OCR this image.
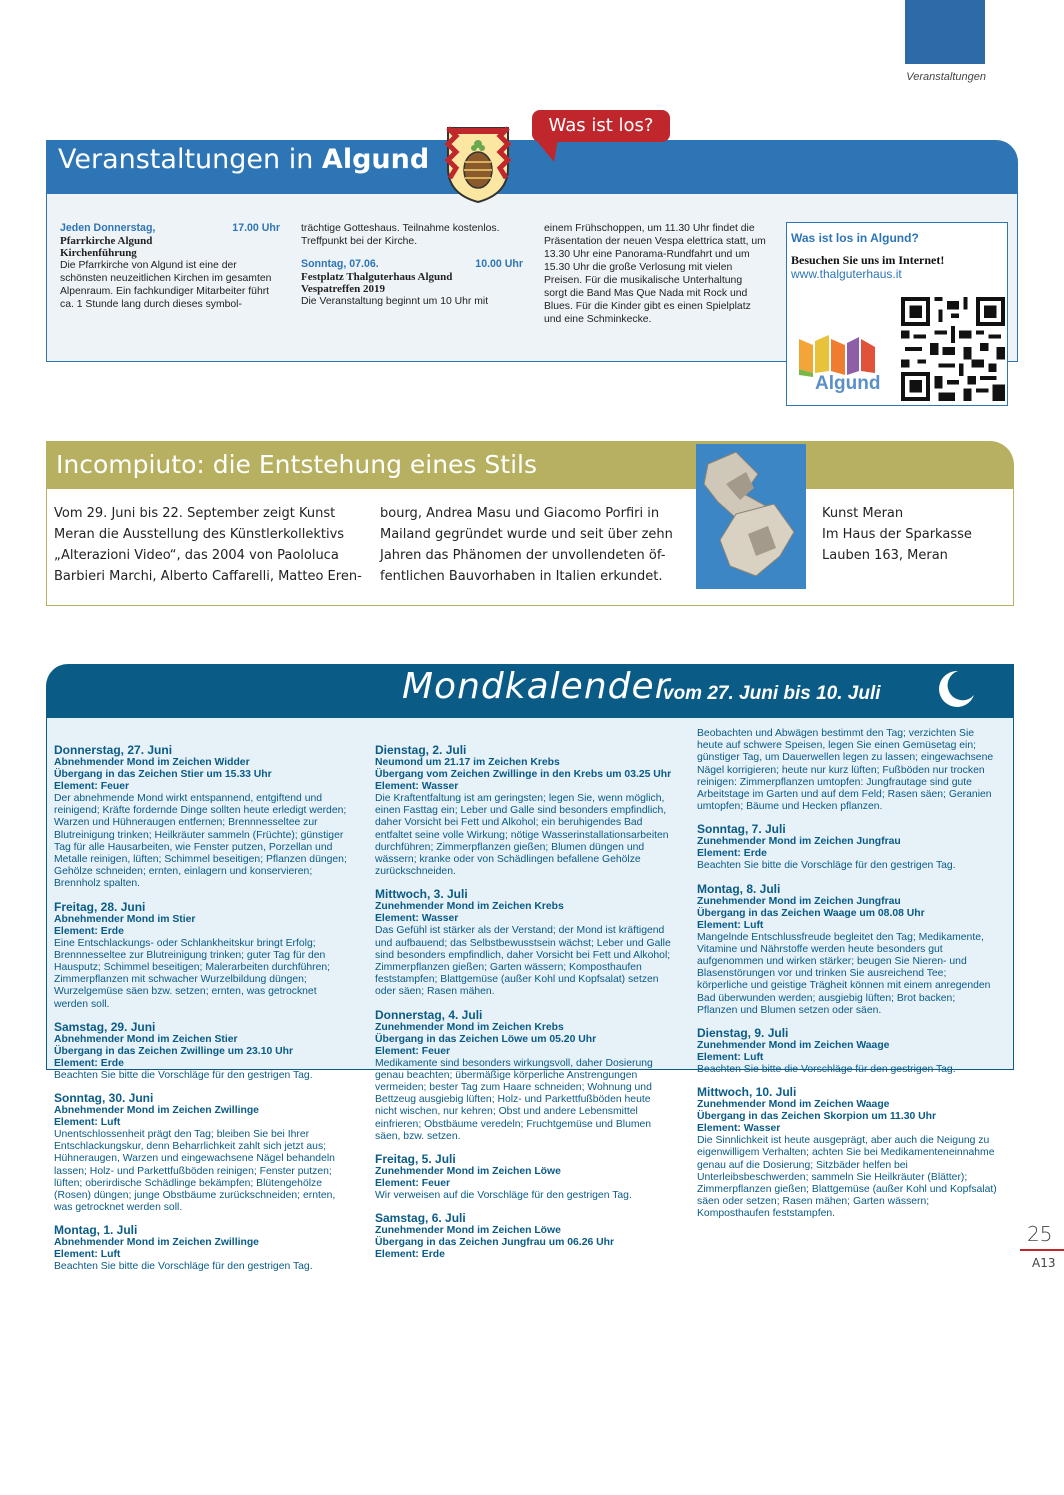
Veranstaltungen
Veranstaltungen in Algund
Was ist los?
Jeden Donnerstag,	17.00 Uhr
Pfarrkirche Algund
Kirchenführung
Die Pfarrkirche von Algund ist eine der schönsten neuzeitlichen Kirchen im gesamten Alpenraum. Ein fachkundiger Mitarbeiter führt ca. 1 Stunde lang durch dieses symbol-
trächtige Gotteshaus. Teilnahme kostenlos. Treffpunkt bei der Kirche.
Sonntag, 07.06.	10.00 Uhr
Festplatz Thalguterhaus Algund
Vespatreffen 2019
Die Veranstaltung beginnt um 10 Uhr mit
einem Frühschoppen, um 11.30 Uhr findet die Präsentation der neuen Vespa elettrica statt, um 13.30 Uhr eine Panorama-Rundfahrt und um 15.30 Uhr die große Verlosung mit vielen Preisen. Für die musikalische Unterhaltung sorgt die Band Mas Que Nada mit Rock und Blues. Für die Kinder gibt es einen Spielplatz und eine Schminkecke.
Was ist los in Algund?
Besuchen Sie uns im Internet!
www.thalguterhaus.it
Algund
Incompiuto: die Entstehung eines Stils
Vom 29. Juni bis 22. September zeigt Kunst Meran die Ausstellung des Künstlerkollektivs „Alterazioni Video“, das 2004 von Paololuca Barbieri Marchi, Alberto Caffarelli, Matteo Eren-
bourg, Andrea Masu und Giacomo Porfiri in Mailand gegründet wurde und seit über zehn Jahren das Phänomen der unvollendeten öf-fentlichen Bauvorhaben in Italien erkundet.
Kunst Meran
Im Haus der Sparkasse
Lauben 163, Meran
Mondkalender
vom 27. Juni bis 10. Juli
Donnerstag, 27. Juni
Abnehmender Mond im Zeichen Widder
Übergang in das Zeichen Stier um 15.33 Uhr
Element: Feuer
Der abnehmende Mond wirkt entspannend, entgiftend und reinigend; Kräfte fordernde Dinge sollten heute erledigt werden; Warzen und Hühneraugen entfernen; Brennnesseltee zur Blutreinigung trinken; Heilkräuter sammeln (Früchte); günstiger Tag für alle Hausarbeiten, wie Fenster putzen, Porzellan und Metalle reinigen, lüften; Schimmel beseitigen; Pflanzen düngen; Gehölze schneiden; ernten, einlagern und konservieren; Brennholz spalten.
Freitag, 28. Juni
Abnehmender Mond im Stier
Element: Erde
Eine Entschlackungs- oder Schlankheitskur bringt Erfolg; Brennnesseltee zur Blutreinigung trinken; guter Tag für den Hausputz; Schimmel beseitigen; Malerarbeiten durchführen; Zimmerpflanzen mit schwacher Wurzelbildung düngen; Wurzelgemüse säen bzw. setzen; ernten, was getrocknet werden soll.
Samstag, 29. Juni
Abnehmender Mond im Zeichen Stier
Übergang in das Zeichen Zwillinge um 23.10 Uhr
Element: Erde
Beachten Sie bitte die Vorschläge für den gestrigen Tag.
Sonntag, 30. Juni
Abnehmender Mond im Zeichen Zwillinge
Element: Luft
Unentschlossenheit prägt den Tag; bleiben Sie bei Ihrer Entschlackungskur, denn Beharrlichkeit zahlt sich jetzt aus; Hühneraugen, Warzen und eingewachsene Nägel behandeln lassen; Holz- und Parkettfußböden reinigen; Fenster putzen; lüften; oberirdische Schädlinge bekämpfen; Blütengehölze (Rosen) düngen; junge Obstbäume zurückschneiden; ernten, was getrocknet werden soll.
Montag, 1. Juli
Abnehmender Mond im Zeichen Zwillinge
Element: Luft
Beachten Sie bitte die Vorschläge für den gestrigen Tag.
Dienstag, 2. Juli
Neumond um 21.17 im Zeichen Krebs
Übergang vom Zeichen Zwillinge in den Krebs um 03.25 Uhr
Element: Wasser
Die Kraftentfaltung ist am geringsten; legen Sie, wenn möglich, einen Fasttag ein; Leber und Galle sind besonders empfindlich, daher Vorsicht bei Fett und Alkohol; ein beruhigendes Bad entfaltet seine volle Wirkung; nötige Wasserinstallationsarbeiten durchführen; Zimmerpflanzen gießen; Blumen düngen und wässern; kranke oder von Schädlingen befallene Gehölze zurückschneiden.
Mittwoch, 3. Juli
Zunehmender Mond im Zeichen Krebs
Element: Wasser
Das Gefühl ist stärker als der Verstand; der Mond ist kräftigend und aufbauend; das Selbstbewusstsein wächst; Leber und Galle sind besonders empfindlich, daher Vorsicht bei Fett und Alkohol; Zimmerpflanzen gießen; Garten wässern; Komposthaufen feststampfen; Blattgemüse (außer Kohl und Kopfsalat) setzen oder säen; Rasen mähen.
Donnerstag, 4. Juli
Zunehmender Mond im Zeichen Krebs
Übergang in das Zeichen Löwe um 05.20 Uhr
Element: Feuer
Medikamente sind besonders wirkungsvoll, daher Dosierung genau beachten; übermäßige körperliche Anstrengungen vermeiden; bester Tag zum Haare schneiden; Wohnung und Bettzeug ausgiebig lüften; Holz- und Parkettfußböden heute nicht wischen, nur kehren; Obst und andere Lebensmittel einfrieren; Obstbäume veredeln; Fruchtgemüse und Blumen säen, bzw. setzen.
Freitag, 5. Juli
Zunehmender Mond im Zeichen Löwe
Element: Feuer
Wir verweisen auf die Vorschläge für den gestrigen Tag.
Samstag, 6. Juli
Zunehmender Mond im Zeichen Löwe
Übergang in das Zeichen Jungfrau um 06.26 Uhr
Element: Erde
Beobachten und Abwägen bestimmt den Tag; verzichten Sie heute auf schwere Speisen, legen Sie einen Gemüsetag ein; günstiger Tag, um Dauerwellen legen zu lassen; eingewachsene Nägel korrigieren; heute nur kurz lüften; Fußböden nur trocken reinigen: Zimmerpflanzen umtopfen: Jungfrautage sind gute Arbeitstage im Garten und auf dem Feld; Rasen säen; Geranien umtopfen; Bäume und Hecken pflanzen.
Sonntag, 7. Juli
Zunehmender Mond im Zeichen Jungfrau
Element: Erde
Beachten Sie bitte die Vorschläge für den gestrigen Tag.
Montag, 8. Juli
Zunehmender Mond im Zeichen Jungfrau
Übergang in das Zeichen Waage um 08.08 Uhr
Element: Luft
Mangelnde Entschlussfreude begleitet den Tag; Medikamente, Vitamine und Nährstoffe werden heute besonders gut aufgenommen und wirken stärker; beugen Sie Nieren- und Blasenstörungen vor und trinken Sie ausreichend Tee; körperliche und geistige Trägheit können mit einem anregenden Bad überwunden werden; ausgiebig lüften; Brot backen; Pflanzen und Blumen setzen oder säen.
Dienstag, 9. Juli
Zunehmender Mond im Zeichen Waage
Element: Luft
Beachten Sie bitte die Vorschläge für den gestrigen Tag.
Mittwoch, 10. Juli
Zunehmender Mond im Zeichen Waage
Übergang in das Zeichen Skorpion um 11.30 Uhr
Element: Wasser
Die Sinnlichkeit ist heute ausgeprägt, aber auch die Neigung zu eigenwilligem Verhalten; achten Sie bei Medikamenteneinnahme genau auf die Dosierung; Sitzbäder helfen bei Unterleibsbeschwerden; sammeln Sie Heilkräuter (Blätter); Zimmerpflanzen gießen; Blattgemüse (außer Kohl und Kopfsalat) säen oder setzen; Rasen mähen; Garten wässern; Komposthaufen feststampfen.
25
A13
